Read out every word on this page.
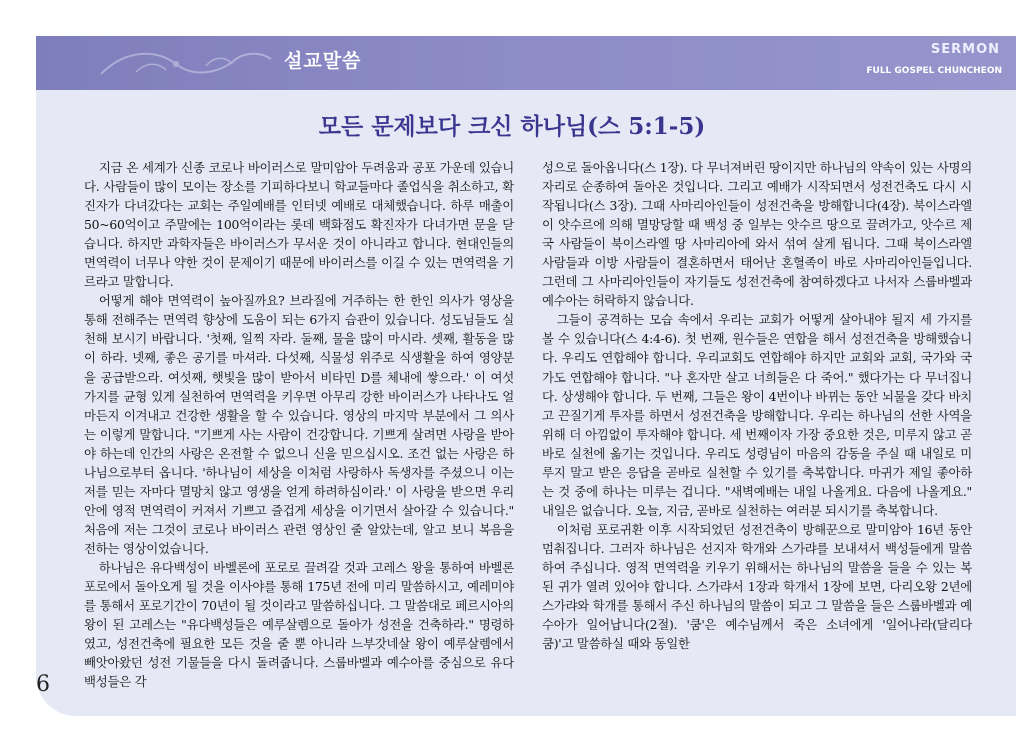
설교말씀
SERMON
FULL GOSPEL CHUNCHEON
모든 문제보다 크신 하나님(스 5:1-5)

지금 온 세계가 신종 코로나 바이러스로 말미암아 두려움과 공포 가운데 있습니다. 사람들이 많이 모이는 장소를 기피하다보니 학교들마다 졸업식을 취소하고, 확진자가 다녀갔다는 교회는 주일예배를 인터넷 예배로 대체했습니다. 하루 매출이 50~60억이고 주말에는 100억이라는 롯데 백화점도 확진자가 다녀가면 문을 닫습니다. 하지만 과학자들은 바이러스가 무서운 것이 아니라고 합니다. 현대인들의 면역력이 너무나 약한 것이 문제이기 때문에 바이러스를 이길 수 있는 면역력을 기르라고 말합니다.

어떻게 해야 면역력이 높아질까요? 브라질에 거주하는 한 한인 의사가 영상을 통해 전해주는 면역력 향상에 도움이 되는 6가지 습관이 있습니다. 성도님들도 실천해 보시기 바랍니다. '첫째, 일찍 자라. 둘째, 물을 많이 마시라. 셋째, 활동을 많이 하라. 넷째, 좋은 공기를 마셔라. 다섯째, 식물성 위주로 식생활을 하여 영양분을 공급받으라. 여섯째, 햇빛을 많이 받아서 비타민 D를 체내에 쌓으라.' 이 여섯 가지를 균형 있게 실천하여 면역력을 키우면 아무리 강한 바이러스가 나타나도 얼마든지 이겨내고 건강한 생활을 할 수 있습니다. 영상의 마지막 부분에서 그 의사는 이렇게 말합니다. "기쁘게 사는 사람이 건강합니다. 기쁘게 살려면 사랑을 받아야 하는데 인간의 사랑은 온전할 수 없으니 신을 믿으십시오. 조건 없는 사랑은 하나님으로부터 옵니다. '하나님이 세상을 이처럼 사랑하사 독생자를 주셨으니 이는 저를 믿는 자마다 멸망치 않고 영생을 얻게 하려하심이라.' 이 사랑을 받으면 우리 안에 영적 면역력이 커져서 기쁘고 즐겁게 세상을 이기면서 살아갈 수 있습니다." 처음에 저는 그것이 코로나 바이러스 관련 영상인 줄 알았는데, 알고 보니 복음을 전하는 영상이었습니다.

하나님은 유다백성이 바벨론에 포로로 끌려갈 것과 고레스 왕을 통하여 바벨론 포로에서 돌아오게 될 것을 이사야를 통해 175년 전에 미리 말씀하시고, 예레미야를 통해서 포로기간이 70년이 될 것이라고 말씀하십니다. 그 말씀대로 페르시아의 왕이 된 고레스는 "유다백성들은 예루살렘으로 돌아가 성전을 건축하라." 명령하였고, 성전건축에 필요한 모든 것을 줄 뿐 아니라 느부갓네살 왕이 예루살렘에서 빼앗아왔던 성전 기물들을 다시 돌려줍니다. 스룹바벨과 예수아를 중심으로 유다백성들은 각

성으로 돌아옵니다(스 1장). 다 무너져버린 땅이지만 하나님의 약속이 있는 사명의 자리로 순종하여 돌아온 것입니다. 그리고 예배가 시작되면서 성전건축도 다시 시작됩니다(스 3장). 그때 사마리아인들이 성전건축을 방해합니다(4장). 북이스라엘이 앗수르에 의해 멸망당할 때 백성 중 일부는 앗수르 땅으로 끌려가고, 앗수르 제국 사람들이 북이스라엘 땅 사마리아에 와서 섞여 살게 됩니다. 그때 북이스라엘 사람들과 이방 사람들이 결혼하면서 태어난 혼혈족이 바로 사마리아인들입니다. 그런데 그 사마리아인들이 자기들도 성전건축에 참여하겠다고 나서자 스룹바벨과 예수아는 허락하지 않습니다.

그들이 공격하는 모습 속에서 우리는 교회가 어떻게 살아내야 될지 세 가지를 볼 수 있습니다(스 4:4-6). 첫 번째, 원수들은 연합을 해서 성전건축을 방해했습니다. 우리도 연합해야 합니다. 우리교회도 연합해야 하지만 교회와 교회, 국가와 국가도 연합해야 합니다. "나 혼자만 살고 너희들은 다 죽어." 했다가는 다 무너집니다. 상생해야 합니다. 두 번째, 그들은 왕이 4번이나 바뀌는 동안 뇌물을 갖다 바치고 끈질기게 투자를 하면서 성전건축을 방해합니다. 우리는 하나님의 선한 사역을 위해 더 아낌없이 투자해야 합니다. 세 번째이자 가장 중요한 것은, 미루지 않고 곧바로 실천에 옮기는 것입니다. 우리도 성령님이 마음의 감동을 주실 때 내일로 미루지 말고 받은 응답을 곧바로 실천할 수 있기를 축복합니다. 마귀가 제일 좋아하는 것 중에 하나는 미루는 겁니다. "새벽예배는 내일 나올게요. 다음에 나올게요." 내일은 없습니다. 오늘, 지금, 곧바로 실천하는 여러분 되시기를 축복합니다.

이처럼 포로귀환 이후 시작되었던 성전건축이 방해꾼으로 말미암아 16년 동안 멈춰집니다. 그러자 하나님은 선지자 학개와 스가랴를 보내셔서 백성들에게 말씀하여 주십니다. 영적 면역력을 키우기 위해서는 하나님의 말씀을 들을 수 있는 복된 귀가 열려 있어야 합니다. 스가랴서 1장과 학개서 1장에 보면, 다리오왕 2년에 스가랴와 학개를 통해서 주신 하나님의 말씀이 되고 그 말씀을 들은 스룹바벨과 예수아가 일어납니다(2절). '쿰'은 예수님께서 죽은 소녀에게 '일어나라(달리다 쿰)'고 말씀하실 때와 동일한

6
